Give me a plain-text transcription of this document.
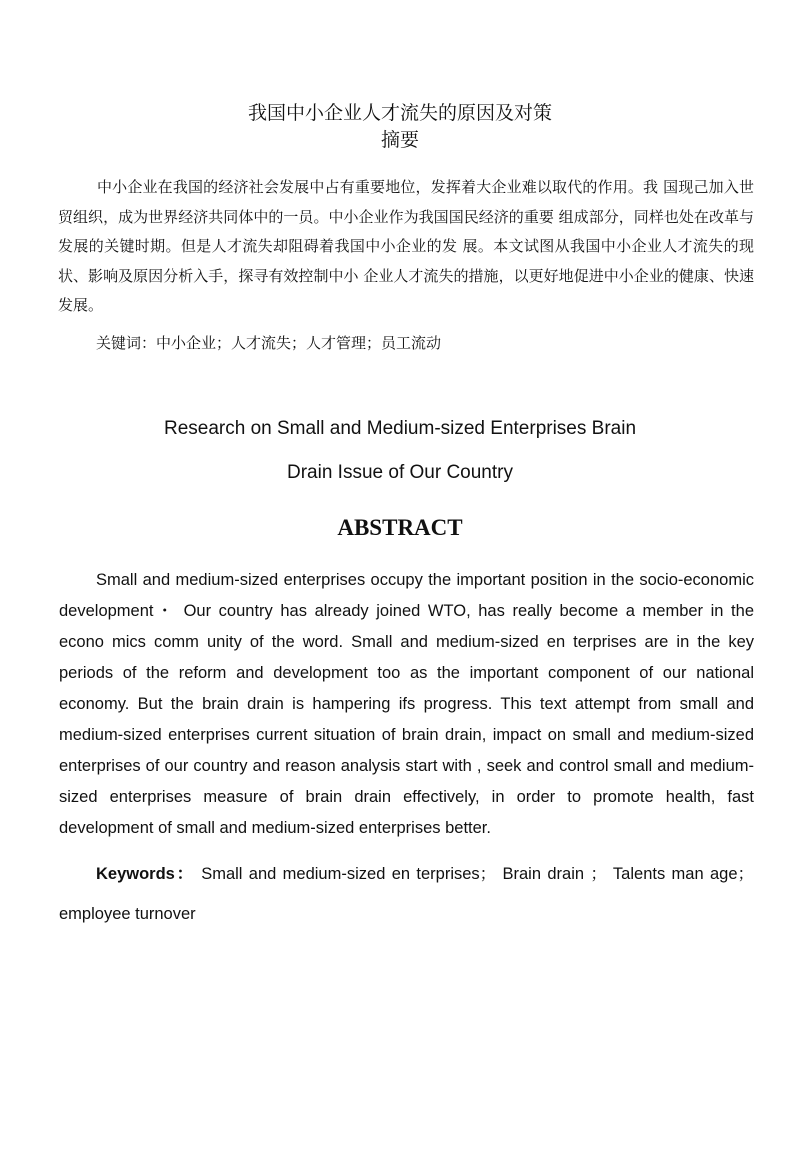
我国中小企业人才流失的原因及对策
摘要

中小企业在我国的经济社会发展中占有重要地位，发挥着大企业难以取代的作用。我 国现己加入世贸组织，成为世界经济共同体中的一员。中小企业作为我国国民经济的重要 组成部分，同样也处在改革与发展的关键时期。但是人才流失却阻碍着我国中小企业的发 展。本文试图从我国中小企业人才流失的现状、影响及原因分析入手，探寻有效控制中小 企业人才流失的措施，以更好地促进中小企业的健康、快速发展。

关键词：中小企业；人才流失；人才管理；员工流动
Research on Small and Medium-sized Enterprises Brain
Drain Issue of Our Country
ABSTRACT

Small and medium-sized enterprises occupy the important position in the socio-economic development・ Our country has already joined WTO, has really become a member in the econo mics comm unity of the word. Small and medium-sized en terprises are in the key periods of the reform and development too as the important component of our national economy. But the brain drain is hampering ifs progress. This text attempt from small and medium-sized enterprises current situation of brain drain, impact on small and medium-sized enterprises of our country and reason analysis start with , seek and control small and medium-sized enterprises measure of brain drain effectively, in order to promote health, fast development of small and medium-sized enterprises better.

Keywords： Small and medium-sized en terprises； Brain drain ； Talents man age； employee turnover
